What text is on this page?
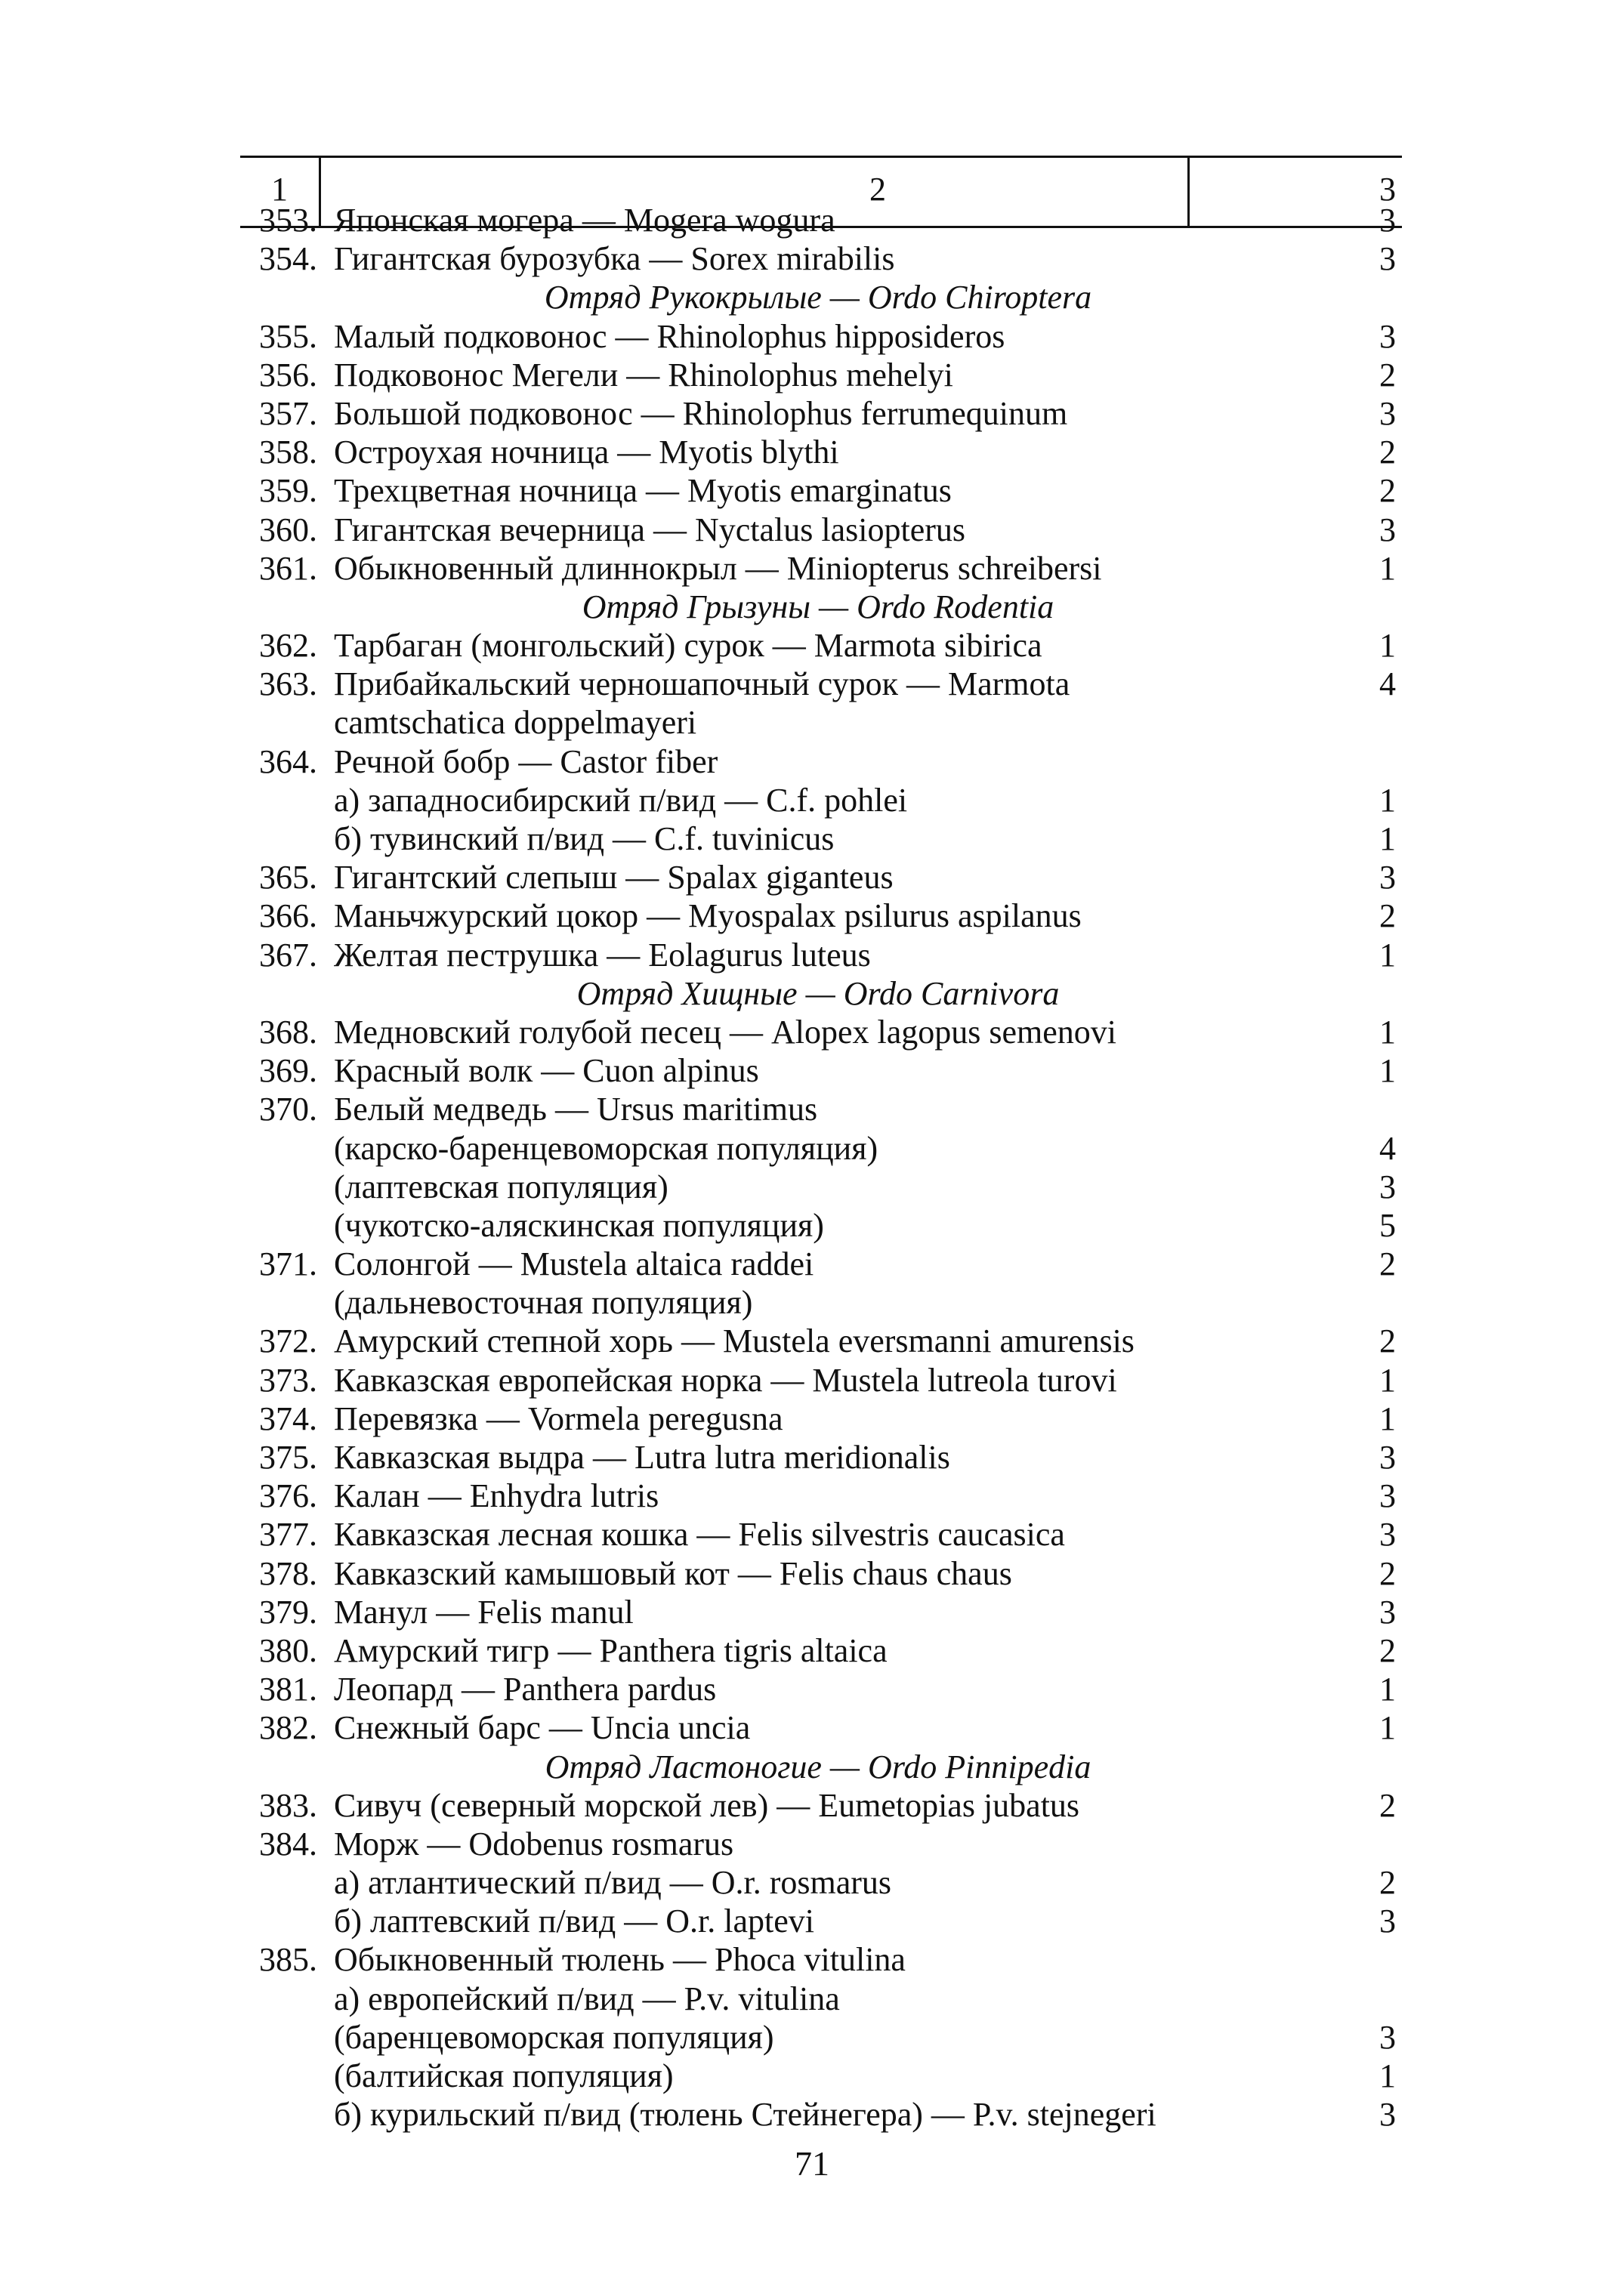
1	2	3
353. Японская могера — Mogera wogura	3
354. Гигантская бурозубка — Sorex mirabilis	3
Отряд Рукокрылые — Ordo Chiroptera
355. Малый подковонос — Rhinolophus hipposideros	3
356. Подковонос Мегели — Rhinolophus mehelyi	2
357. Большой подковонос — Rhinolophus ferrumequinum	3
358. Остроухая ночница — Myotis blythi	2
359. Трехцветная ночница — Myotis emarginatus	2
360. Гигантская вечерница — Nyctalus lasiopterus	3
361. Обыкновенный длиннокрыл — Miniopterus schreibersi	1
Отряд Грызуны — Ordo Rodentia
362. Тарбаган (монгольский) сурок — Marmota sibirica	1
363. Прибайкальский черношапочный сурок — Marmota	4
camtschatica doppelmayeri
364. Речной бобр — Castor fiber
а) западносибирский п/вид — C.f. pohlei	1
б) тувинский п/вид — C.f. tuvinicus	1
365. Гигантский слепыш — Spalax giganteus	3
366. Маньчжурский цокор — Myospalax psilurus aspilanus	2
367. Желтая пеструшка — Eolagurus luteus	1
Отряд Хищные — Ordo Carnivora
368. Медновский голубой песец — Alopex lagopus semenovi	1
369. Красный волк — Cuon alpinus	1
370. Белый медведь — Ursus maritimus
(карско-баренцевоморская популяция)	4
(лаптевская популяция)	3
(чукотско-аляскинская популяция)	5
371. Солонгой — Mustela altaica raddei	2
(дальневосточная популяция)
372. Амурский степной хорь — Mustela eversmanni amurensis	2
373. Кавказская европейская норка — Mustela lutreola turovi	1
374. Перевязка — Vormela peregusna	1
375. Кавказская выдра — Lutra lutra meridionalis	3
376. Калан — Enhydra lutris	3
377. Кавказская лесная кошка — Felis silvestris caucasica	3
378. Кавказский камышовый кот — Felis chaus chaus	2
379. Манул — Felis manul	3
380. Амурский тигр — Panthera tigris altaica	2
381. Леопард — Panthera pardus	1
382. Снежный барс — Uncia uncia	1
Отряд Ластоногие — Ordo Pinnipedia
383. Сивуч (северный морской лев) — Eumetopias jubatus	2
384. Морж — Odobenus rosmarus
а) атлантический п/вид — O.r. rosmarus	2
б) лаптевский п/вид — O.r. laptevi	3
385. Обыкновенный тюлень — Phoca vitulina
а) европейский п/вид — P.v. vitulina
(баренцевоморская популяция)	3
(балтийская популяция)	1
б) курильский п/вид (тюлень Стейнегера) — P.v. stejnegeri	3
71
